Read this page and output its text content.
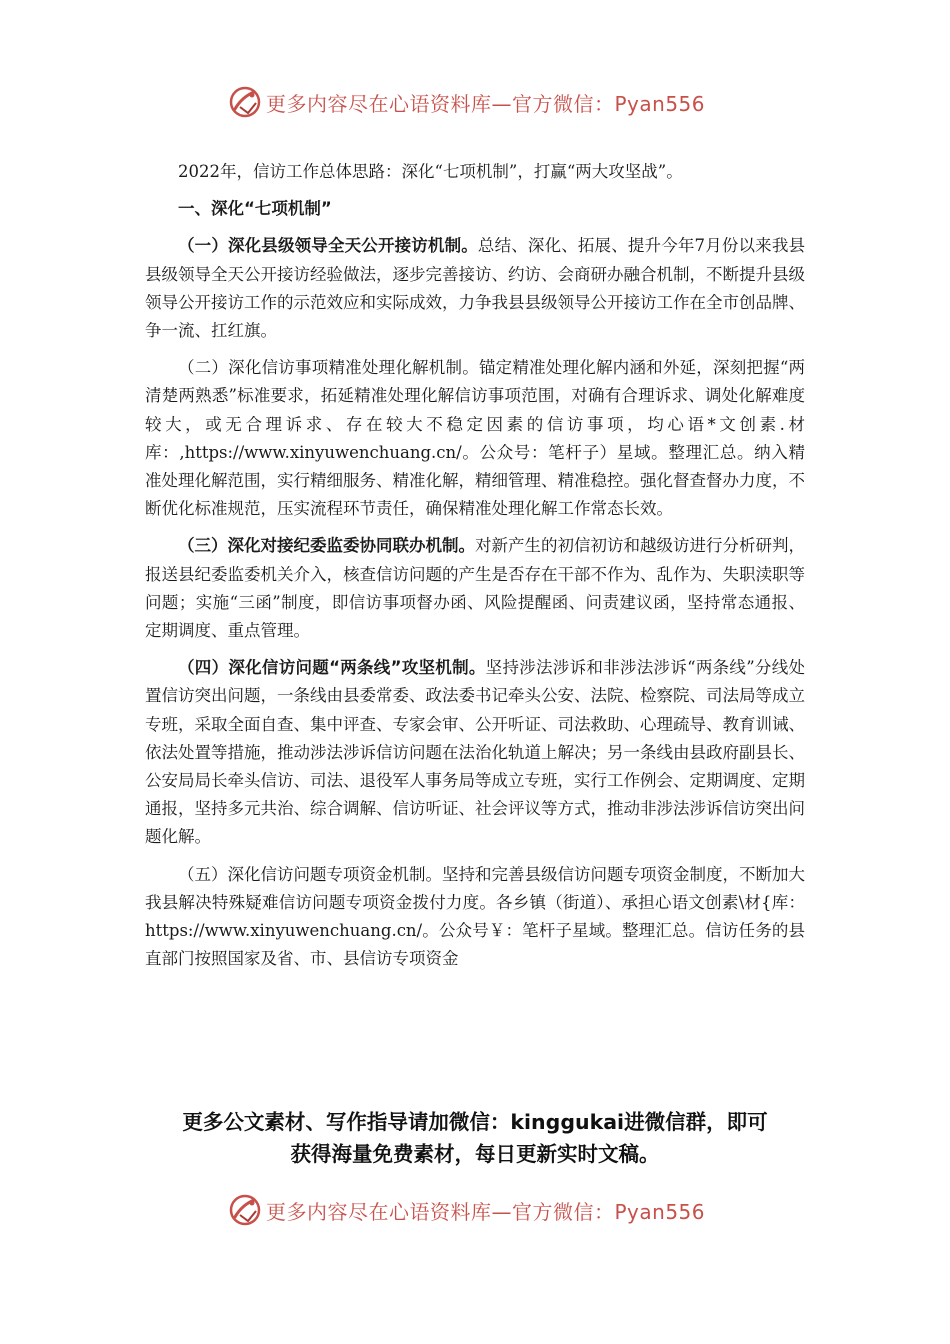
更多内容尽在心语资料库—官方微信：Pyan556

2022年，信访工作总体思路：深化“七项机制”，打赢“两大攻坚战”。

一、深化“七项机制”

（一）深化县级领导全天公开接访机制。总结、深化、拓展、提升今年7月份以来我县县级领导全天公开接访经验做法，逐步完善接访、约访、会商研办融合机制，不断提升县级领导公开接访工作的示范效应和实际成效，力争我县县级领导公开接访工作在全市创品牌、争一流、扛红旗。

（二）深化信访事项精准处理化解机制。锚定精准处理化解内涵和外延，深刻把握“两清楚两熟悉”标准要求，拓延精准处理化解信访事项范围，对确有合理诉求、调处化解难度较大，或无合理诉求、存在较大不稳定因素的信访事项，均心语*文创素.材库：,https://www.xinyuwenchuang.cn/。公众号：笔杆子）星域。整理汇总。纳入精准处理化解范围，实行精细服务、精准化解，精细管理、精准稳控。强化督查督办力度，不断优化标准规范，压实流程环节责任，确保精准处理化解工作常态长效。

（三）深化对接纪委监委协同联办机制。对新产生的初信初访和越级访进行分析研判，报送县纪委监委机关介入，核查信访问题的产生是否存在干部不作为、乱作为、失职渎职等问题；实施“三函”制度，即信访事项督办函、风险提醒函、问责建议函，坚持常态通报、定期调度、重点管理。

（四）深化信访问题“两条线”攻坚机制。坚持涉法涉诉和非涉法涉诉“两条线”分线处置信访突出问题，一条线由县委常委、政法委书记牵头公安、法院、检察院、司法局等成立专班，采取全面自查、集中评查、专家会审、公开听证、司法救助、心理疏导、教育训诫、依法处置等措施，推动涉法涉诉信访问题在法治化轨道上解决；另一条线由县政府副县长、公安局局长牵头信访、司法、退役军人事务局等成立专班，实行工作例会、定期调度、定期通报，坚持多元共治、综合调解、信访听证、社会评议等方式，推动非涉法涉诉信访突出问题化解。

（五）深化信访问题专项资金机制。坚持和完善县级信访问题专项资金制度，不断加大我县解决特殊疑难信访问题专项资金拨付力度。各乡镇（街道）、承担心语文创素\材{库：https://www.xinyuwenchuang.cn/。公众号￥：笔杆子星域。整理汇总。信访任务的县直部门按照国家及省、市、县信访专项资金

更多公文素材、写作指导请加微信：kinggukai进微信群，即可
获得海量免费素材，每日更新实时文稿。
更多内容尽在心语资料库—官方微信：Pyan556
